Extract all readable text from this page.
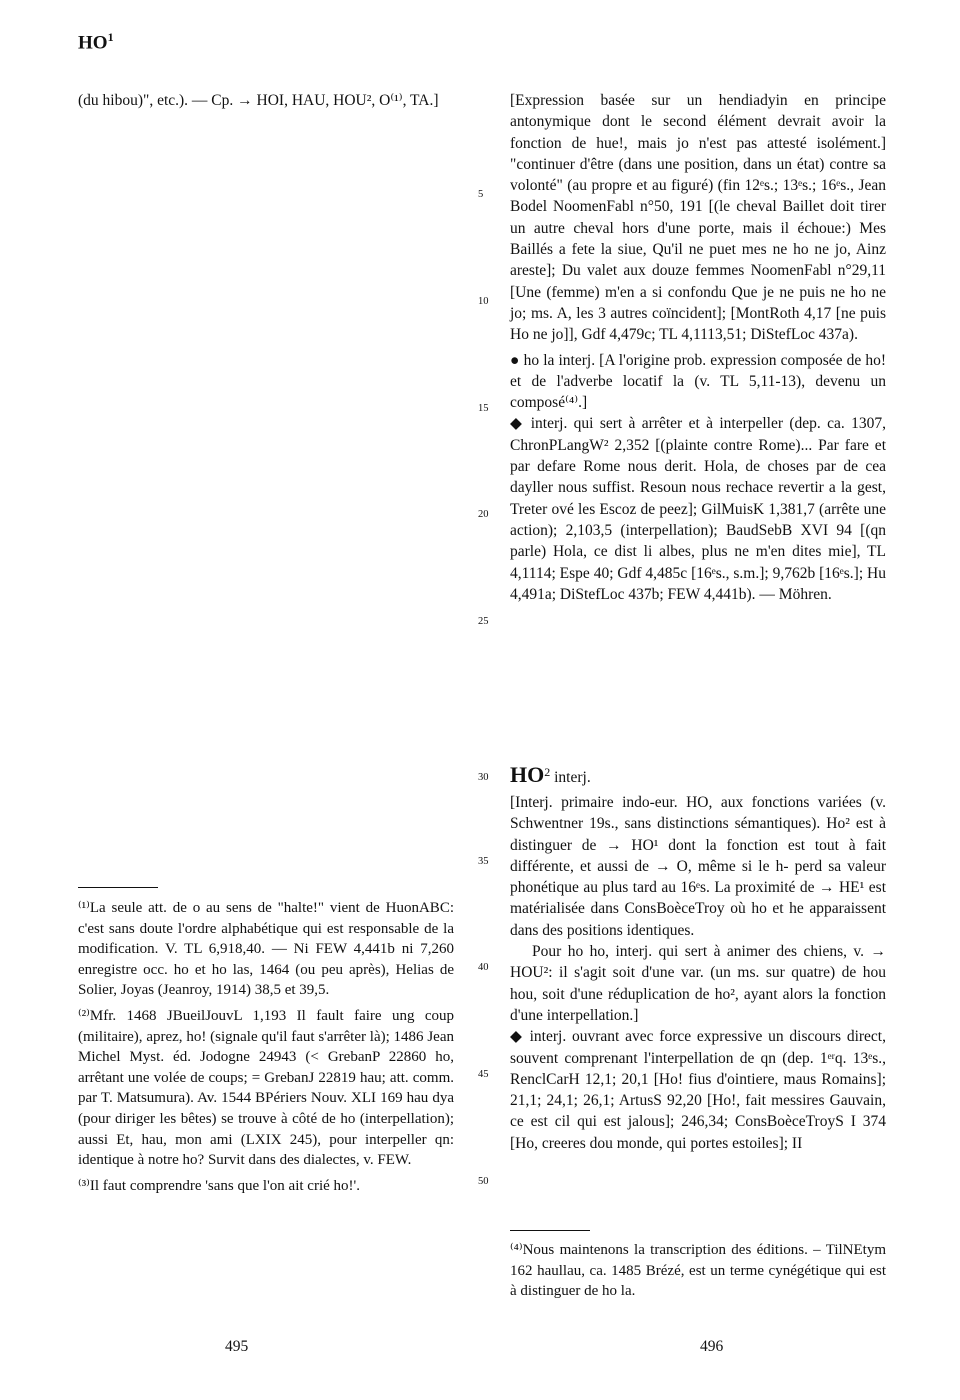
$HO^1$

(du hibou)", etc.). — Cp. → HOI, HAU, HOU², O⁽¹⁾, TA.]

⁽¹⁾La seule att. de o au sens de "halte!" vient de HuonABC: c'est sans doute l'ordre alphabétique qui est responsable de la modification. V. TL 6,918,40. — Ni FEW 4,441b ni 7,260 enregistre occ. ho et ho las, 1464 (ou peu après), Helias de Solier, Joyas (Jeanroy, 1914) 38,5 et 39,5.

⁽²⁾Mfr. 1468 JBueilJouvL 1,193 Il fault faire ung coup (militaire), aprez, ho! (signale qu'il faut s'arrêter là); 1486 Jean Michel Myst. éd. Jodogne 24943 (< GrebanP 22860 ho, arrêtant une volée de coups; = GrebanJ 22819 hau; att. comm. par T. Matsumura). Av. 1544 BPériers Nouv. XLI 169 hau dya (pour diriger les bêtes) se trouve à côté de ho (interpellation); aussi Et, hau, mon ami (LXIX 245), pour interpeller qn: identique à notre ho? Survit dans des dialectes, v. FEW.

⁽³⁾Il faut comprendre 'sans que l'on ait crié ho!'.

5
10
15
20
25
30
35
40
45
50

[Expression basée sur un hendiadyin en principe antonymique dont le second élément devrait avoir la fonction de hue!, mais jo n'est pas attesté isolément.] "continuer d'être (dans une position, dans un état) contre sa volonté" (au propre et au figuré) (fin 12ᵉs.; 13ᵉs.; 16ᵉs., Jean Bodel NoomenFabl n°50, 191 [(le cheval Baillet doit tirer un autre cheval hors d'une porte, mais il échoue:) Mes Baillés a fete la siue, Qu'il ne puet mes ne ho ne jo, Ainz areste]; Du valet aux douze femmes NoomenFabl n°29,11 [Une (femme) m'en a si confondu Que je ne puis ne ho ne jo; ms. A, les 3 autres coïncident]; [MontRoth 4,17 [ne puis Ho ne jo]], Gdf 4,479c; TL 4,1113,51; DiStefLoc 437a).

● ho la interj. [A l'origine prob. expression composée de ho! et de l'adverbe locatif la (v. TL 5,11-13), devenu un composé⁽⁴⁾.]

◆ interj. qui sert à arrêter et à interpeller (dep. ca. 1307, ChronPLangW² 2,352 [(plainte contre Rome)... Par fare et par defare Rome nous derit. Hola, de choses par de cea dayller nous suffist. Resoun nous rechace revertir a la gest, Treter ové les Escoz de peez]; GilMuisK 1,381,7 (arrête une action); 2,103,5 (interpellation); BaudSebB XVI 94 [(qn parle) Hola, ce dist li albes, plus ne m'en dites mie], TL 4,1114; Espe 40; Gdf 4,485c [16ᵉs., s.m.]; 9,762b [16ᵉs.]; Hu 4,491a; DiStefLoc 437b; FEW 4,441b). — Möhren.

$HO^2$ interj.

[Interj. primaire indo-eur. HO, aux fonctions variées (v. Schwentner 19s., sans distinctions sémantiques). Ho² est à distinguer de → HO¹ dont la fonction est tout à fait différente, et aussi de → O, même si le h- perd sa valeur phonétique au plus tard au 16ᵉs. La proximité de → HE¹ est matérialisée dans ConsBoèceTroy où ho et he apparaissent dans des positions identiques.

Pour ho ho, interj. qui sert à animer des chiens, v. → HOU²: il s'agit soit d'une var. (un ms. sur quatre) de hou hou, soit d'une réduplication de ho², ayant alors la fonction d'une interpellation.]

◆ interj. ouvrant avec force expressive un discours direct, souvent comprenant l'interpellation de qn (dep. 1ᵉʳq. 13ᵉs., RenclCarH 12,1; 20,1 [Ho! fius d'ointiere, maus Romains]; 21,1; 24,1; 26,1; ArtusS 92,20 [Ho!, fait messires Gauvain, ce est cil qui est jalous]; 246,34; ConsBoèceTroyS I 374 [Ho, creeres dou monde, qui portes estoiles]; II

⁽⁴⁾Nous maintenons la transcription des éditions. – TilNEtym 162 haullau, ca. 1485 Brézé, est un terme cynégétique qui est à distinguer de ho la.

495	496
